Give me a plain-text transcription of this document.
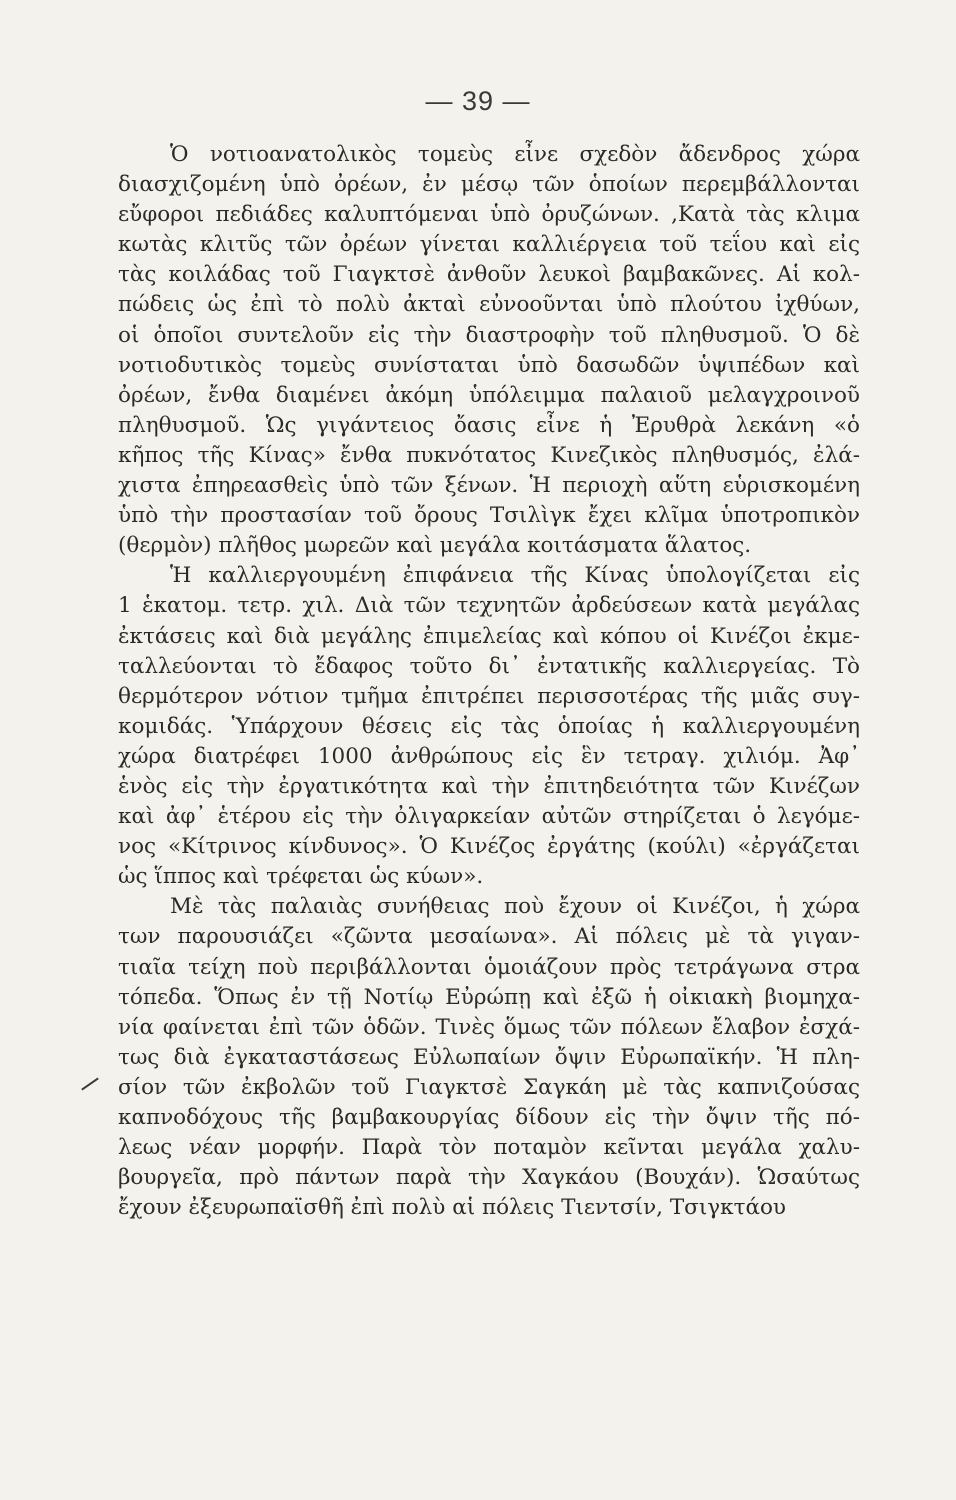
— 39 —
Ὁ νοτιοανατολικὸς τομεὺς εἶνε σχεδὸν ἄδενδρος χώρα
διασχιζομένη ὑπὸ ὀρέων, ἐν μέσῳ τῶν ὁποίων περεμβάλλονται
εὔφοροι πεδιάδες καλυπτόμεναι ὑπὸ ὀρυζώνων. ,Κατὰ τὰς κλιμα
κωτὰς κλιτῦς τῶν ὀρέων γίνεται καλλιέργεια τοῦ τεΐου καὶ εἰς
τὰς κοιλάδας τοῦ Γιαγκτσὲ ἀνθοῦν λευκοὶ βαμβακῶνες. Αἱ κολ-
πώδεις ὡς ἐπὶ τὸ πολὺ ἀκταὶ εὐνοοῦνται ὑπὸ πλούτου ἰχθύων,
οἱ ὁποῖοι συντελοῦν εἰς τὴν διαστροφὴν τοῦ πληθυσμοῦ. Ὁ δὲ
νοτιοδυτικὸς τομεὺς συνίσταται ὑπὸ δασωδῶν ὑψιπέδων καὶ
ὀρέων, ἔνθα διαμένει ἀκόμη ὑπόλειμμα παλαιοῦ μελαγχροινοῦ
πληθυσμοῦ. Ὡς γιγάντειος ὄασις εἶνε ἡ Ἐρυθρὰ λεκάνη «ὁ
κῆπος τῆς Κίνας» ἔνθα πυκνότατος Κινεζικὸς πληθυσμός, ἐλά-
χιστα ἐπηρεασθεὶς ὑπὸ τῶν ξένων. Ἡ περιοχὴ αὕτη εὑρισκομένη
ὑπὸ τὴν προστασίαν τοῦ ὄρους Τσιλὶγκ ἔχει κλῖμα ὑποτροπικὸν
(θερμὸν) πλῆθος μωρεῶν καὶ μεγάλα κοιτάσματα ἅλατος.
Ἡ καλλιεργουμένη ἐπιφάνεια τῆς Κίνας ὑπολογίζεται εἰς
1 ἑκατομ. τετρ. χιλ. Διὰ τῶν τεχνητῶν ἀρδεύσεων κατὰ μεγάλας
ἐκτάσεις καὶ διὰ μεγάλης ἐπιμελείας καὶ κόπου οἱ Κινέζοι ἐκμε-
ταλλεύονται τὸ ἔδαφος τοῦτο δι᾽ ἐντατικῆς καλλιεργείας. Τὸ
θερμότερον νότιον τμῆμα ἐπιτρέπει περισσοτέρας τῆς μιᾶς συγ-
κομιδάς. Ὑπάρχουν θέσεις εἰς τὰς ὁποίας ἡ καλλιεργουμένη
χώρα διατρέφει 1000 ἀνθρώπους εἰς ἓν τετραγ. χιλιόμ. Ἀφ᾽
ἑνὸς εἰς τὴν ἐργατικότητα καὶ τὴν ἐπιτηδειότητα τῶν Κινέζων
καὶ ἀφ᾽ ἑτέρου εἰς τὴν ὀλιγαρκείαν αὐτῶν στηρίζεται ὁ λεγόμε-
νος «Κίτρινος κίνδυνος». Ὁ Κινέζος ἐργάτης (κούλι) «ἐργάζεται
ὡς ἵππος καὶ τρέφεται ὡς κύων».
Μὲ τὰς παλαιὰς συνήθειας ποὺ ἔχουν οἱ Κινέζοι, ἡ χώρα
των παρουσιάζει «ζῶντα μεσαίωνα». Αἱ πόλεις μὲ τὰ γιγαν-
τιαῖα τείχη ποὺ περιβάλλονται ὁμοιάζουν πρὸς τετράγωνα στρα
τόπεδα. Ὅπως ἐν τῇ Νοτίῳ Εὐρώπῃ καὶ ἐξῶ ἡ οἰκιακὴ βιομηχα-
νία φαίνεται ἐπὶ τῶν ὁδῶν. Τινὲς ὅμως τῶν πόλεων ἔλαβον ἐσχά-
τως διὰ ἐγκαταστάσεως Εὐλωπαίων ὄψιν Εὐρωπαϊκήν. Ἡ πλη-
σίον τῶν ἐκβολῶν τοῦ Γιαγκτσὲ Σαγκάη μὲ τὰς καπνιζούσας
καπνοδόχους τῆς βαμβακουργίας δίδουν εἰς τὴν ὄψιν τῆς πό-
λεως νέαν μορφήν. Παρὰ τὸν ποταμὸν κεῖνται μεγάλα χαλυ-
βουργεῖα, πρὸ πάντων παρὰ τὴν Χαγκάου (Βουχάν). Ὡσαύτως
ἔχουν ἐξευρωπαϊσθῆ ἐπὶ πολὺ αἱ πόλεις Τιεντσίν, Τσιγκτάου
